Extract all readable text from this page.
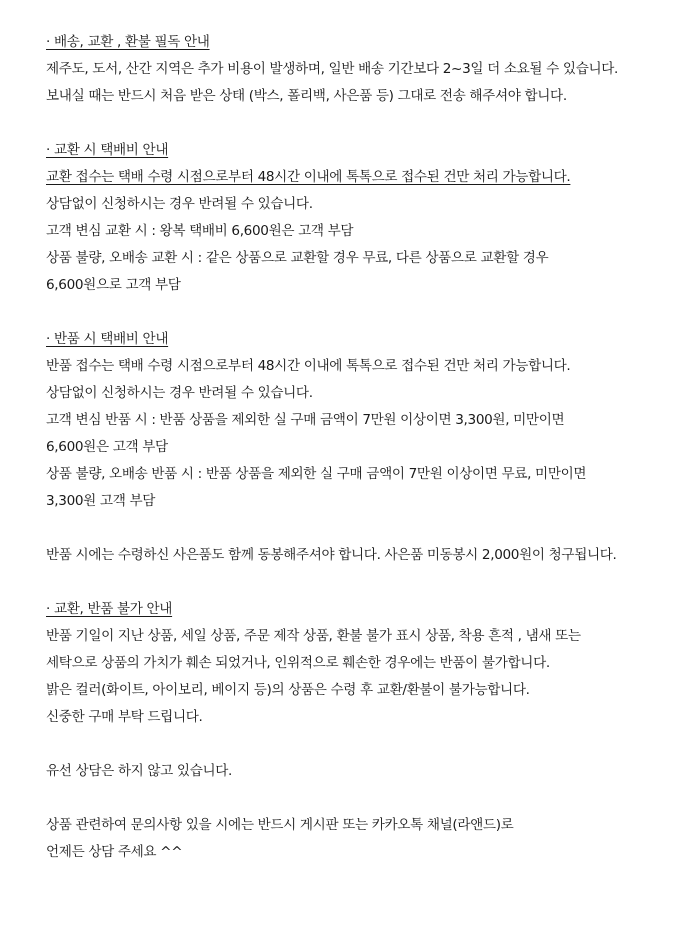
· 배송, 교환 , 환불 필독 안내
제주도, 도서, 산간 지역은 추가 비용이 발생하며, 일반 배송 기간보다 2~3일 더 소요될 수 있습니다.
보내실 때는 반드시 처음 받은 상태 (박스, 폴리백, 사은품 등) 그대로 전송 해주셔야 합니다.
· 교환 시 택배비 안내
교환 접수는 택배 수령 시점으로부터 48시간 이내에 톡톡으로 접수된 건만 처리 가능합니다.
상담없이 신청하시는 경우 반려될 수 있습니다.
고객 변심 교환 시 : 왕복 택배비 6,600원은 고객 부담
상품 불량, 오배송 교환 시 : 같은 상품으로 교환할 경우 무료, 다른 상품으로 교환할 경우
6,600원으로 고객 부담
· 반품 시 택배비 안내
반품 접수는 택배 수령 시점으로부터 48시간 이내에 톡톡으로 접수된 건만 처리 가능합니다.
상담없이 신청하시는 경우 반려될 수 있습니다.
고객 변심 반품 시 : 반품 상품을 제외한 실 구매 금액이 7만원 이상이면 3,300원, 미만이면
6,600원은 고객 부담
상품 불량, 오배송 반품 시 : 반품 상품을 제외한 실 구매 금액이 7만원 이상이면 무료, 미만이면
3,300원 고객 부담
반품 시에는 수령하신 사은품도 함께 동봉해주셔야 합니다. 사은품 미동봉시 2,000원이 청구됩니다.
· 교환, 반품 불가 안내
반품 기일이 지난 상품, 세일 상품, 주문 제작 상품, 환불 불가 표시 상품, 착용 흔적 , 냄새 또는
세탁으로 상품의 가치가 훼손 되었거나, 인위적으로 훼손한 경우에는 반품이 불가합니다.
밝은 컬러(화이트, 아이보리, 베이지 등)의 상품은 수령 후 교환/환불이 불가능합니다.
신중한 구매 부탁 드립니다.
유선 상담은 하지 않고 있습니다.
상품 관련하여 문의사항 있을 시에는 반드시 게시판 또는 카카오톡 채널(라앤드)로
언제든 상담 주세요 ^^
